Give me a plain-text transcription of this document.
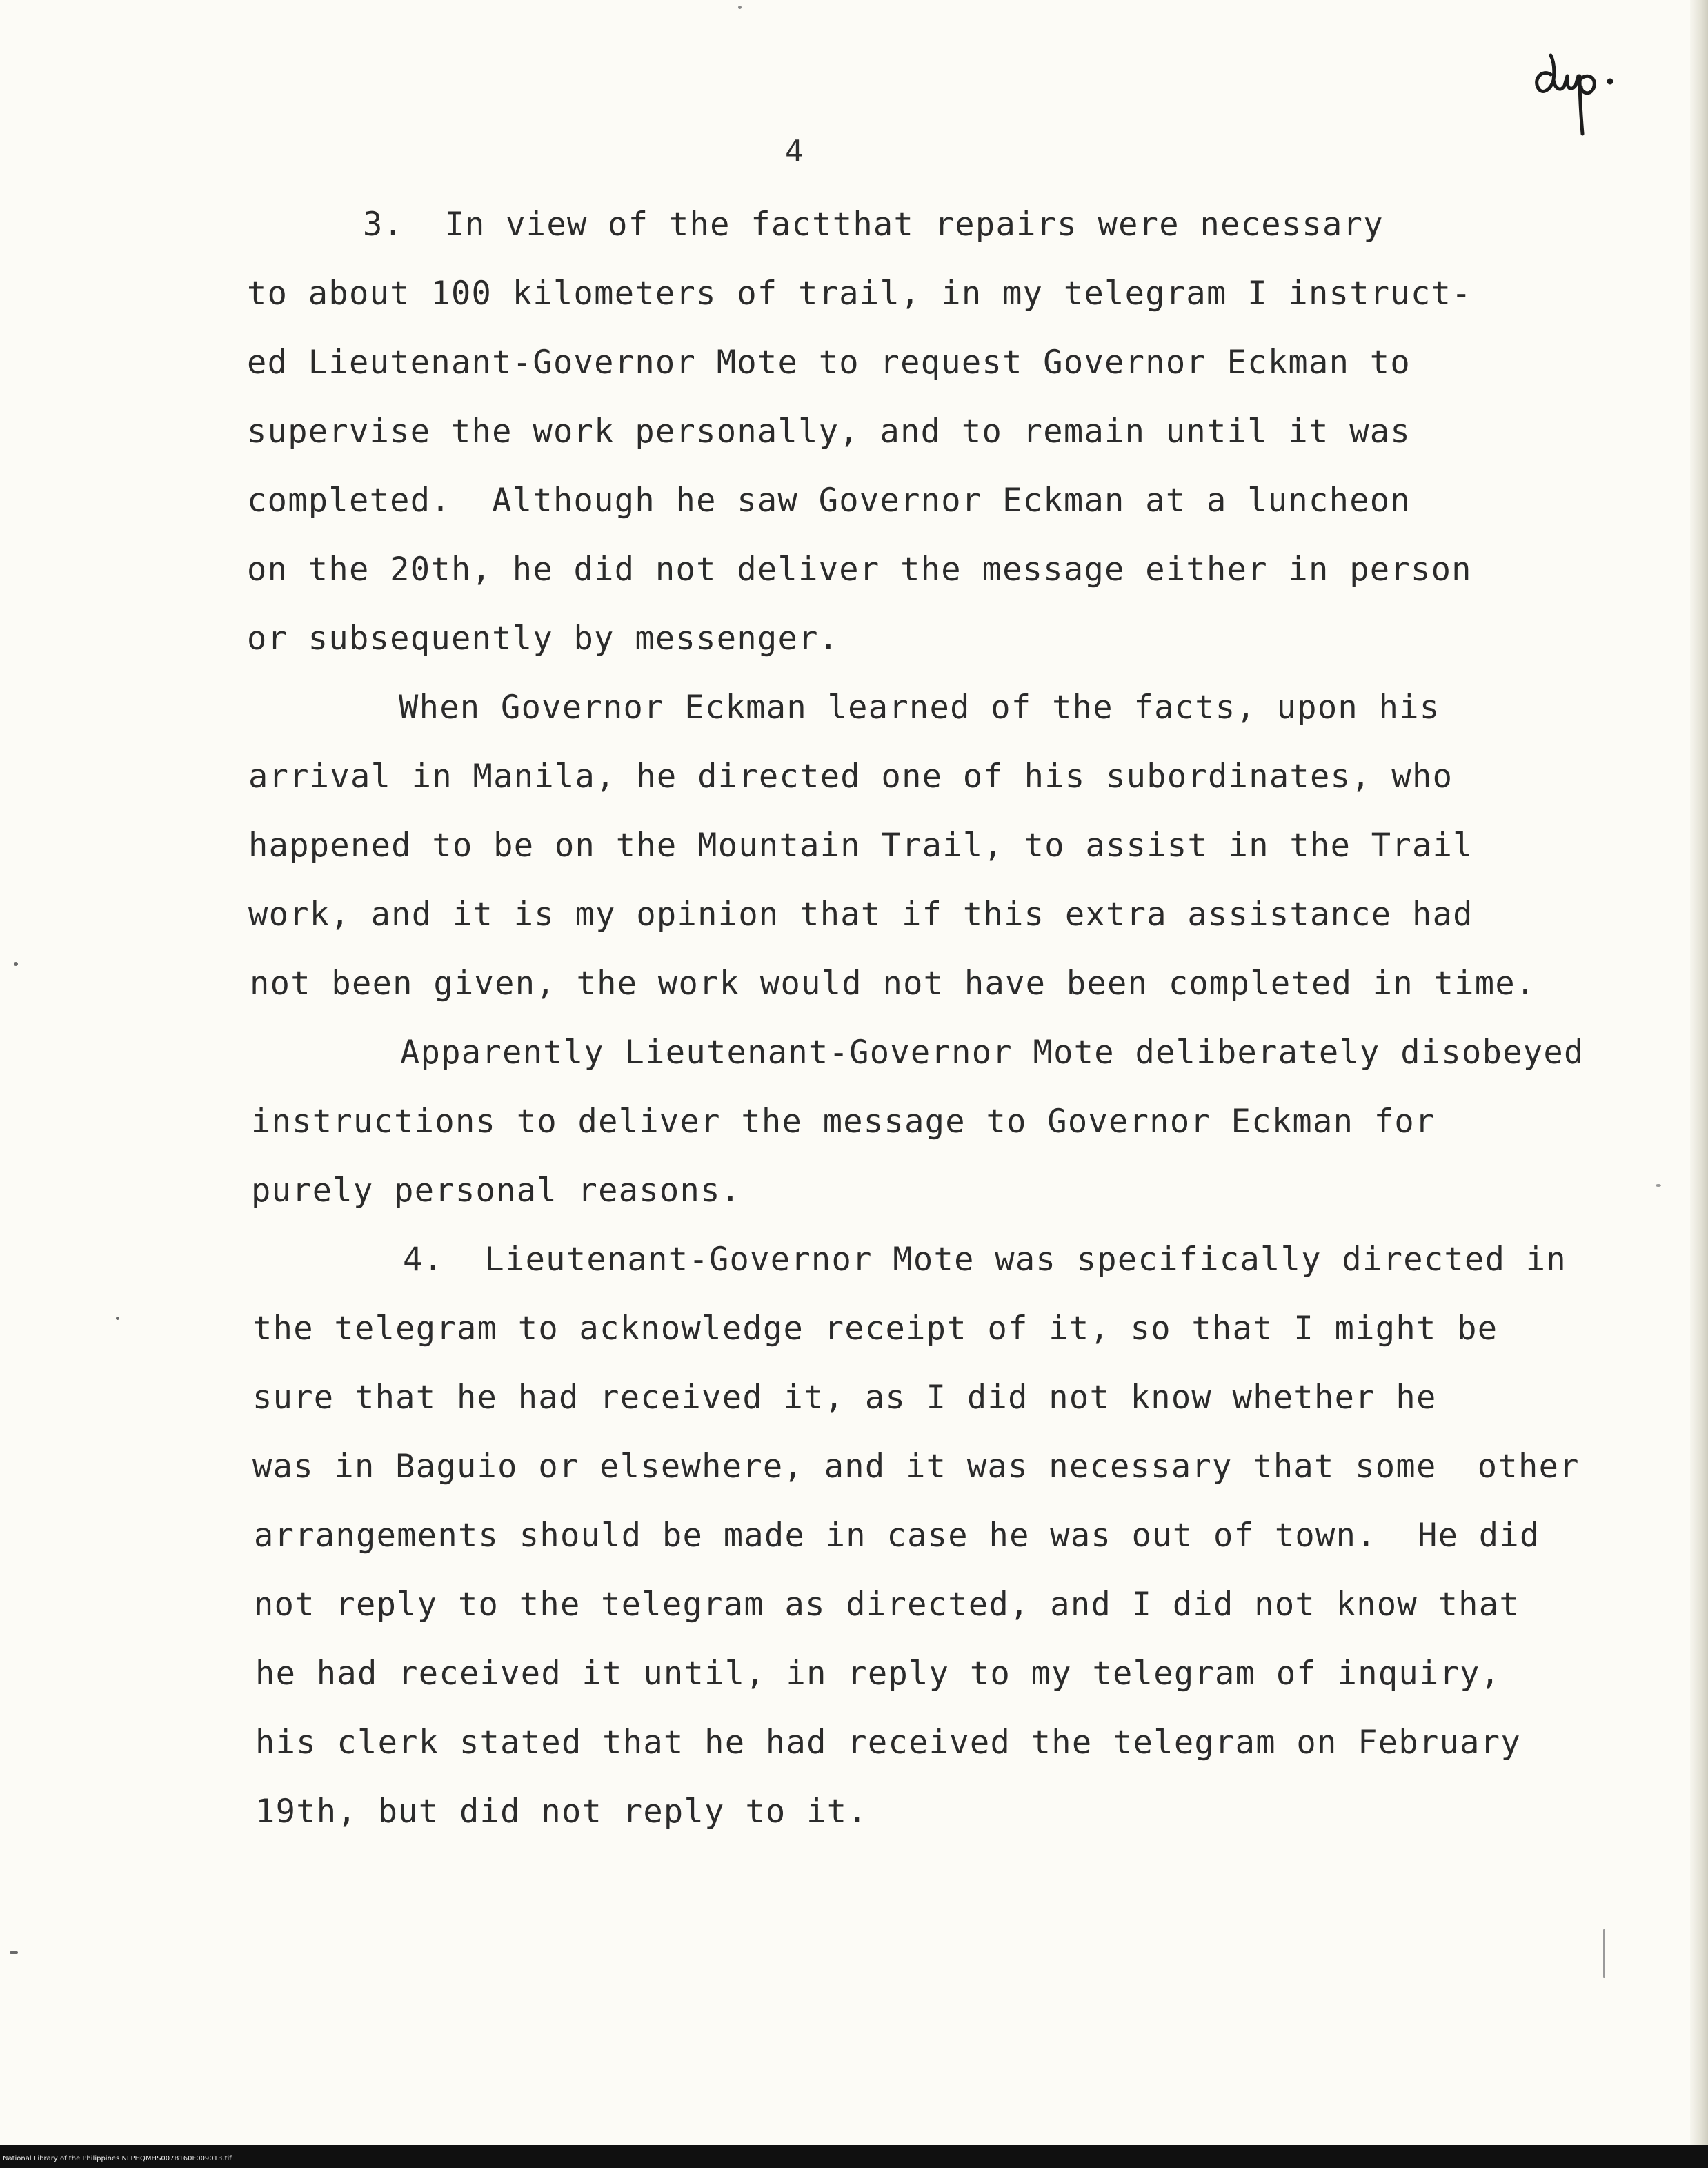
4
3.  In view of the factthat repairs were necessary
to about 100 kilometers of trail, in my telegram I instruct-
ed Lieutenant-Governor Mote to request Governor Eckman to
supervise the work personally, and to remain until it was
completed.  Although he saw Governor Eckman at a luncheon
on the 20th, he did not deliver the message either in person
or subsequently by messenger.
When Governor Eckman learned of the facts, upon his
arrival in Manila, he directed one of his subordinates, who
happened to be on the Mountain Trail, to assist in the Trail
work, and it is my opinion that if this extra assistance had
not been given, the work would not have been completed in time.
Apparently Lieutenant-Governor Mote deliberately disobeyed
instructions to deliver the message to Governor Eckman for
purely personal reasons.
4.  Lieutenant-Governor Mote was specifically directed in
the telegram to acknowledge receipt of it, so that I might be
sure that he had received it, as I did not know whether he
was in Baguio or elsewhere, and it was necessary that some  other
arrangements should be made in case he was out of town.  He did
not reply to the telegram as directed, and I did not know that
he had received it until, in reply to my telegram of inquiry,
his clerk stated that he had received the telegram on February
19th, but did not reply to it.
National Library of the Philippines NLPHQMHS007B160F009013.tif
